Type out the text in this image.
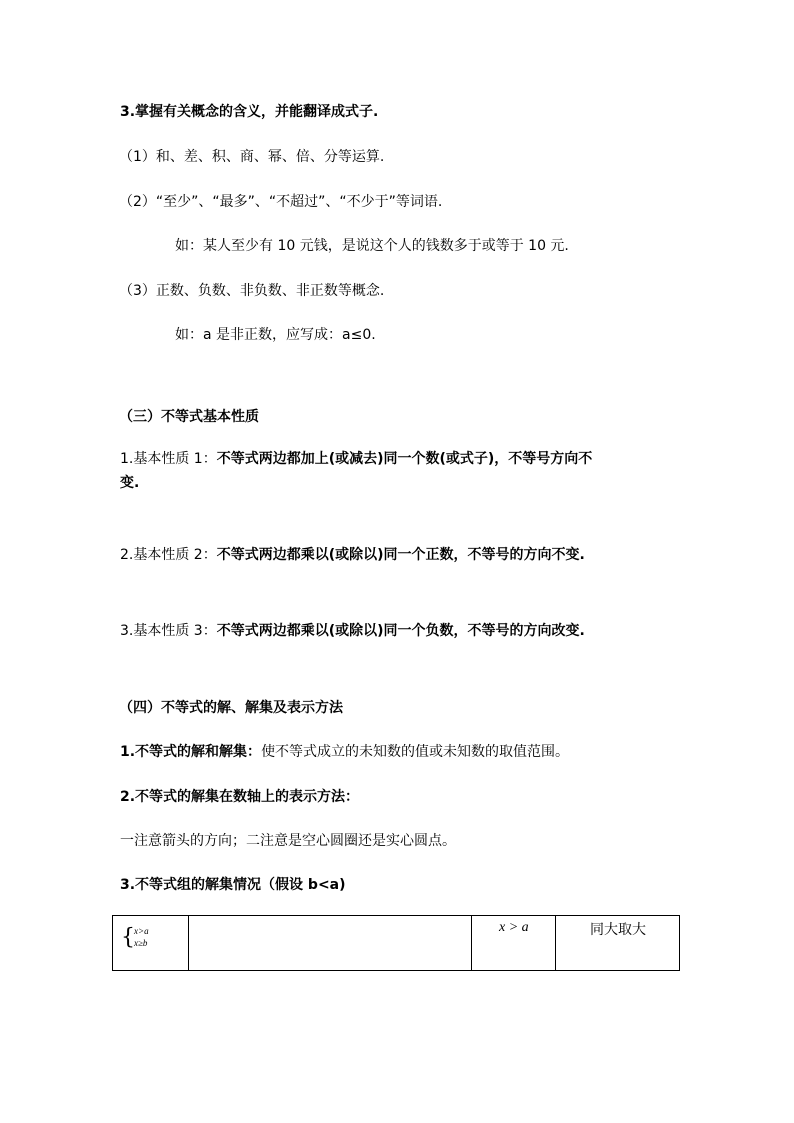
3.掌握有关概念的含义，并能翻译成式子.
（1）和、差、积、商、幂、倍、分等运算.
（2）“至少”、“最多”、“不超过”、“不少于”等词语.
如：某人至少有 10 元钱，是说这个人的钱数多于或等于 10 元.
（3）正数、负数、非负数、非正数等概念.
如：a 是非正数，应写成：a≤0.
（三）不等式基本性质
1.基本性质 1：不等式两边都加上(或减去)同一个数(或式子)，不等号方向不
变.
2.基本性质 2：不等式两边都乘以(或除以)同一个正数，不等号的方向不变.
3.基本性质 3：不等式两边都乘以(或除以)同一个负数，不等号的方向改变.
（四）不等式的解、解集及表示方法
1.不等式的解和解集：使不等式成立的未知数的值或未知数的取值范围。
2.不等式的解集在数轴上的表示方法：
一注意箭头的方向；二注意是空心圆圈还是实心圆点。
3.不等式组的解集情况（假设 b<a)
{ x>a
x≥b
x > a	同大取大
